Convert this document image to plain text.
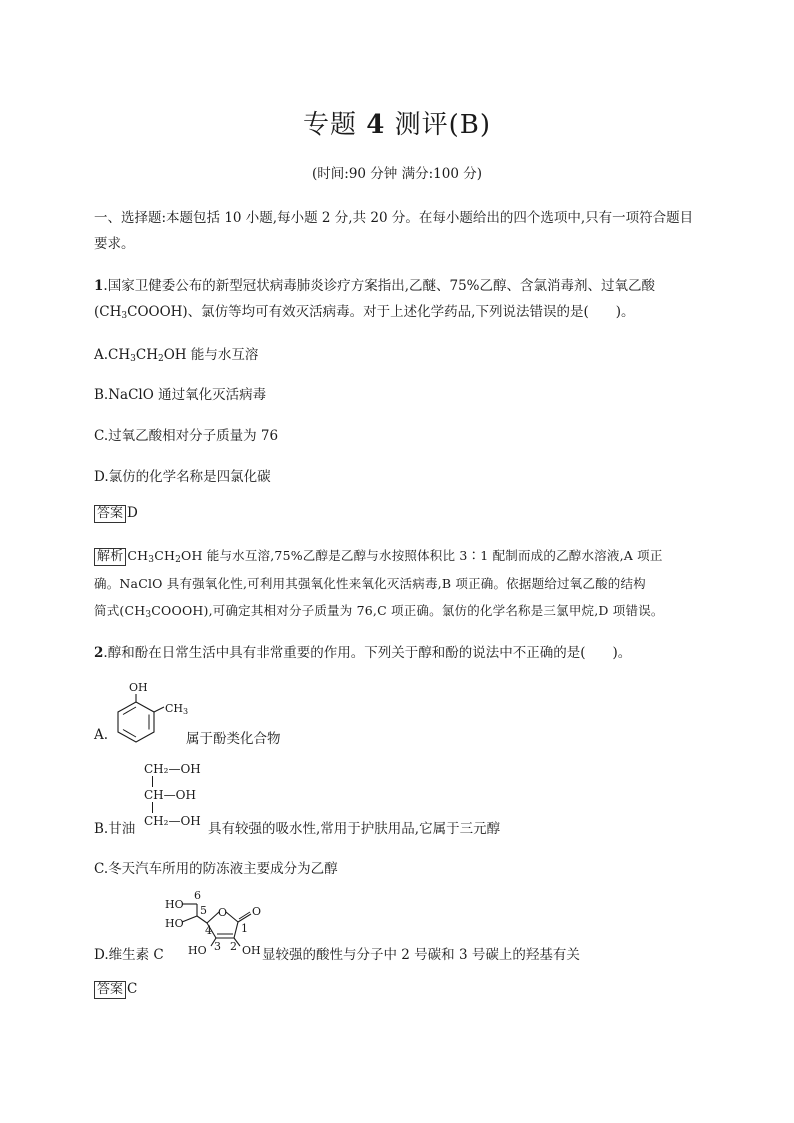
专题 4 测评(B)
(时间:90 分钟 满分:100 分)
一、选择题:本题包括 10 小题,每小题 2 分,共 20 分。在每小题给出的四个选项中,只有一项符合题目
要求。
1.国家卫健委公布的新型冠状病毒肺炎诊疗方案指出,乙醚、75%乙醇、含氯消毒剂、过氧乙酸
$(CH_3COOOH)$、氯仿等均可有效灭活病毒。对于上述化学药品,下列说法错误的是(　　)。
$A.CH_3CH_2OH$ 能与水互溶
B.NaClO 通过氧化灭活病毒
C.过氧乙酸相对分子质量为 76
D.氯仿的化学名称是四氯化碳
答案 D
解析 $CH_3CH_2OH$ 能与水互溶,75%乙醇是乙醇与水按照体积比 3∶1 配制而成的乙醇水溶液,A 项正
确。NaClO 具有强氧化性,可利用其强氧化性来氧化灭活病毒,B 项正确。依据题给过氧乙酸的结构
简式$(CH_3COOOH)$,可确定其相对分子质量为 76,C 项正确。氯仿的化学名称是三氯甲烷,D 项错误。
2.醇和酚在日常生活中具有非常重要的作用。下列关于醇和酚的说法中不正确的是(　　)。
A.
OH
CH3
属于酚类化合物
B.甘油
CH₂—OH
CH—OH
CH₂—OH 具有较强的吸水性,常用于护肤用品,它属于三元醇
C.冬天汽车所用的防冻液主要成分为乙醇
D.维生素 C
HO
HO
HO	OH
O O
1
2
3
4
5
6
显较强的酸性与分子中 2 号碳和 3 号碳上的羟基有关
答案 C
